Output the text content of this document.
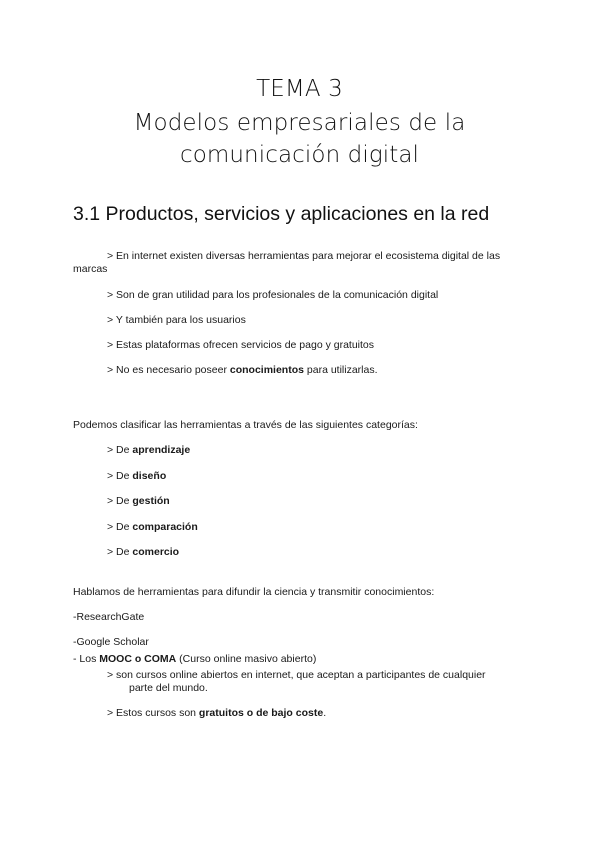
TEMA 3
Modelos empresariales de la
comunicación digital
3.1 Productos, servicios y aplicaciones en la red
> En internet existen diversas herramientas para mejorar el ecosistema digital de las
marcas
> Son de gran utilidad para los profesionales de la comunicación digital
> Y también para los usuarios
> Estas plataformas ofrecen servicios de pago y gratuitos
> No es necesario poseer conocimientos para utilizarlas.
Podemos clasificar las herramientas a través de las siguientes categorías:
> De aprendizaje
> De diseño
> De gestión
> De comparación
> De comercio
Hablamos de herramientas para difundir la ciencia y transmitir conocimientos:
-ResearchGate
-Google Scholar
- Los MOOC o COMA (Curso online masivo abierto)
> son cursos online abiertos en internet, que aceptan a participantes de cualquier
parte del mundo.
> Estos cursos son gratuitos o de bajo coste.
